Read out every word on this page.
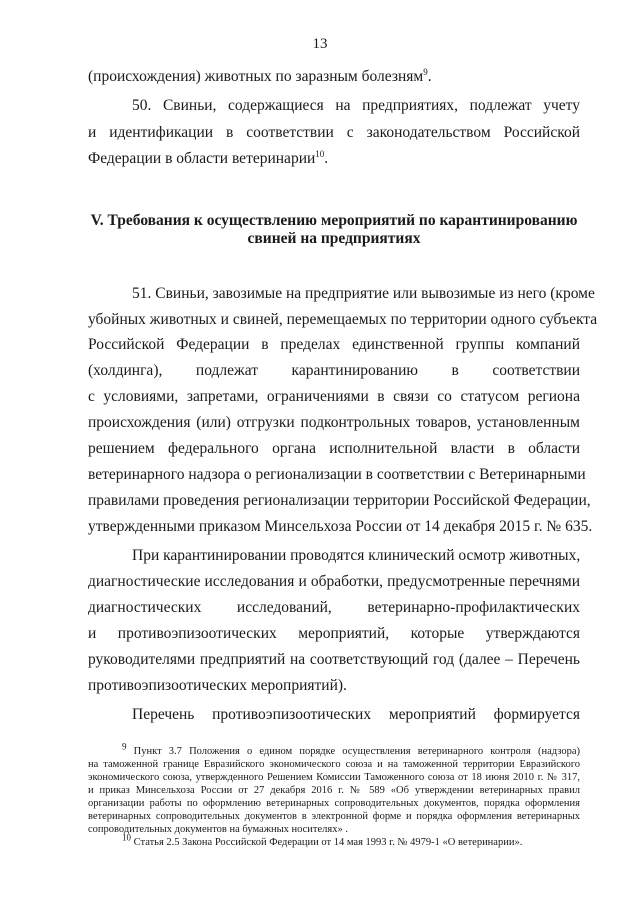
13
(происхождения) животных по заразным болезням$^9$.
50. Свиньи, содержащиеся на предприятиях, подлежат учету
и идентификации в соответствии с законодательством Российской
Федерации в области ветеринарии$^{10}$.
V. Требования к осуществлению мероприятий по карантинированию
свиней на предприятиях
51. Свиньи, завозимые на предприятие или вывозимые из него (кроме
убойных животных и свиней, перемещаемых по территории одного субъекта
Российской Федерации в пределах единственной группы компаний
(холдинга), подлежат карантинированию в соответствии
с условиями, запретами, ограничениями в связи со статусом региона
происхождения (или) отгрузки подконтрольных товаров, установленным
решением федерального органа исполнительной власти в области
ветеринарного надзора о регионализации в соответствии с Ветеринарными
правилами проведения регионализации территории Российской Федерации,
утвержденными приказом Минсельхоза России от 14 декабря 2015 г. № 635.
При карантинировании проводятся клинический осмотр животных,
диагностические исследования и обработки, предусмотренные перечнями
диагностических исследований, ветеринарно-профилактических
и противоэпизоотических мероприятий, которые утверждаются
руководителями предприятий на соответствующий год (далее – Перечень
противоэпизоотических мероприятий).
Перечень противоэпизоотических мероприятий формируется
$^9$ Пункт 3.7 Положения о едином порядке осуществления ветеринарного контроля (надзора)
на таможенной границе Евразийского экономического союза и на таможенной территории Евразийского
экономического союза, утвержденного Решением Комиссии Таможенного союза от 18 июня 2010 г. № 317,
и приказ Минсельхоза России от 27 декабря 2016 г. № 589 «Об утверждении ветеринарных правил
организации работы по оформлению ветеринарных сопроводительных документов, порядка оформления
ветеринарных сопроводительных документов в электронной форме и порядка оформления ветеринарных
сопроводительных документов на бумажных носителях» .
$^{10}$ Статья 2.5 Закона Российской Федерации от 14 мая 1993 г. № 4979-1 «О ветеринарии».
